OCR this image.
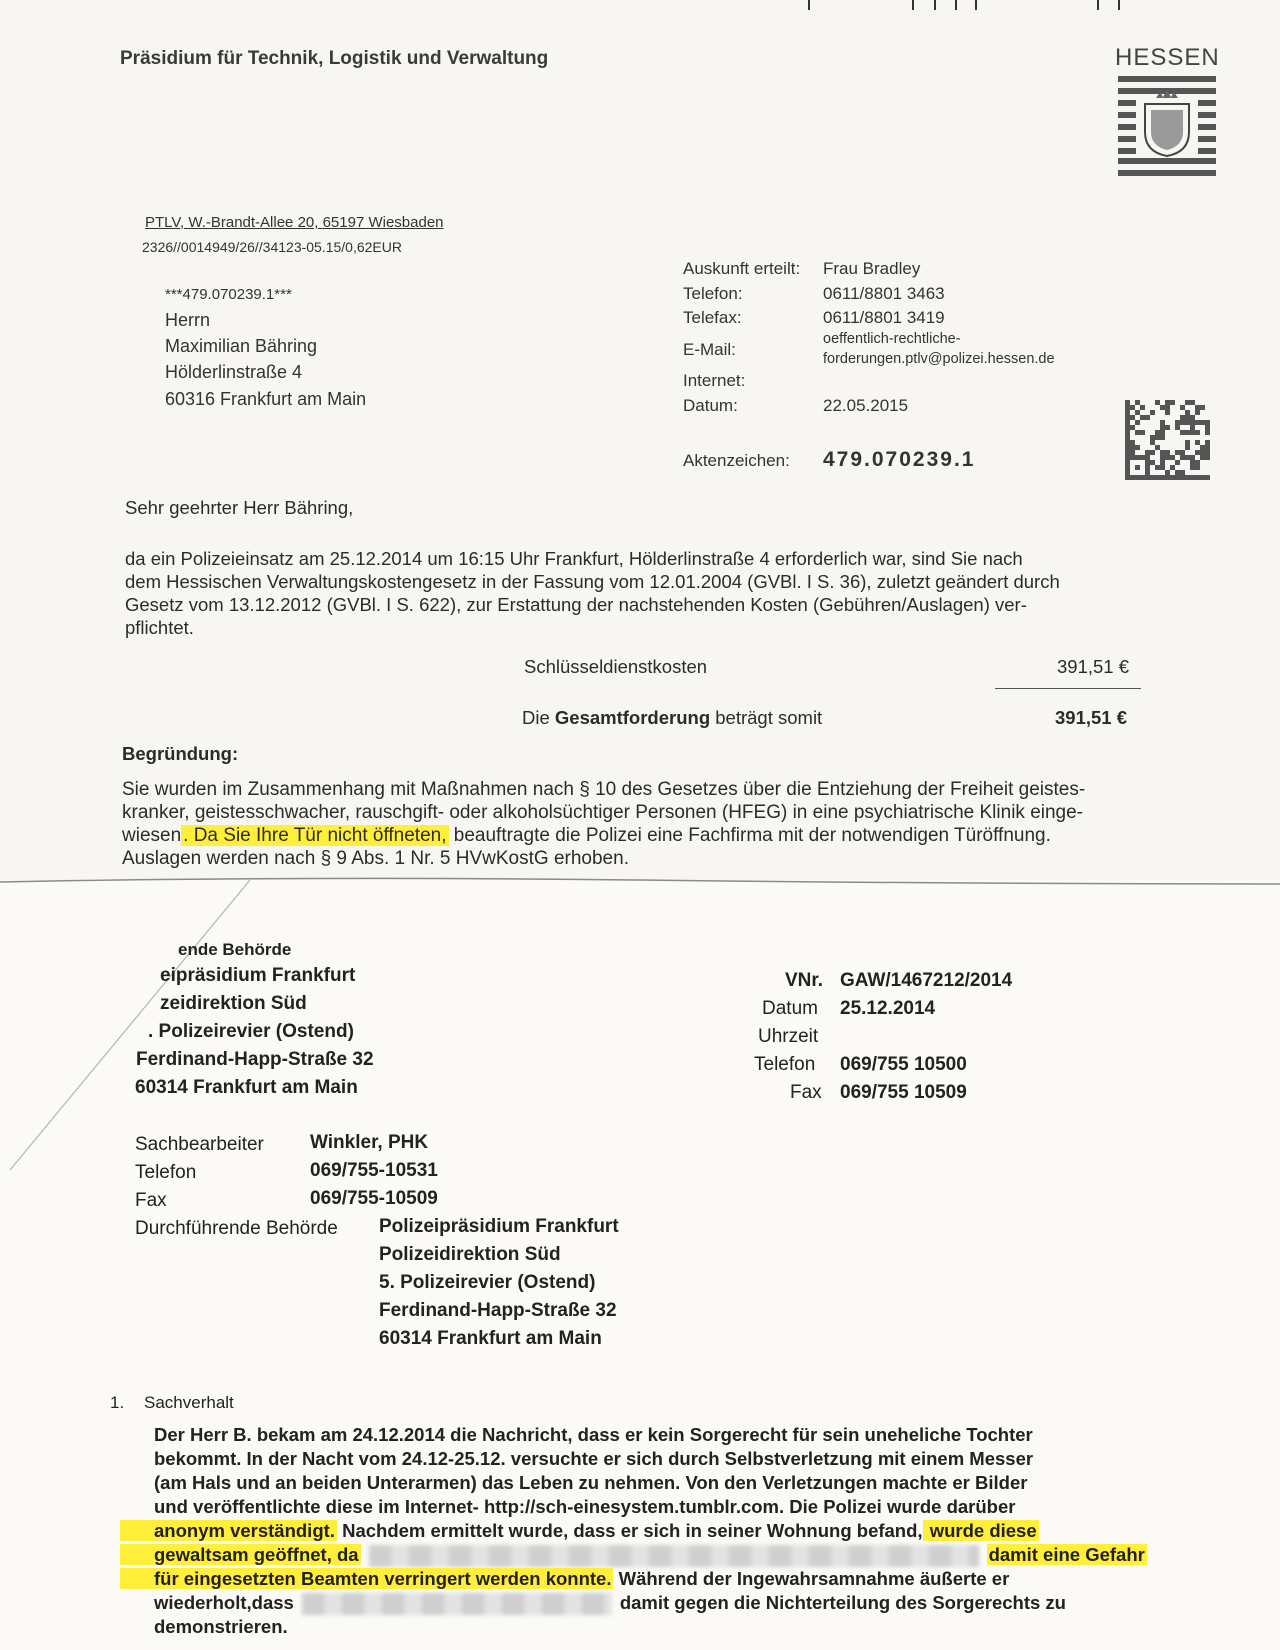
Präsidium für Technik, Logistik und Verwaltung	HESSEN
PTLV, W.-Brandt-Allee 20, 65197 Wiesbaden
2326//0014949/26//34123-05.15/0,62EUR
***479.070239.1***
Herrn
Maximilian Bähring
Hölderlinstraße 4
60316 Frankfurt am Main
Auskunft erteilt: Frau Bradley
Telefon:	0611/8801 3463
Telefax:	0611/8801 3419
E-Mail:
oeffentlich-rechtliche-
forderungen.ptlv@polizei.hessen.de
Internet:
Datum:	22.05.2015
Aktenzeichen: 479.070239.1
Sehr geehrter Herr Bähring,
da ein Polizeieinsatz am 25.12.2014 um 16:15 Uhr Frankfurt, Hölderlinstraße 4 erforderlich war, sind Sie nach
dem Hessischen Verwaltungskostengesetz in der Fassung vom 12.01.2004 (GVBl. I S. 36), zuletzt geändert durch
Gesetz vom 13.12.2012 (GVBl. I S. 622), zur Erstattung der nachstehenden Kosten (Gebühren/Auslagen) ver-
pflichtet.
Schlüsseldienstkosten	391,51 €
Die Gesamtforderung beträgt somit	391,51 €
Begründung:
Sie wurden im Zusammenhang mit Maßnahmen nach § 10 des Gesetzes über die Entziehung der Freiheit geistes-
kranker, geistesschwacher, rauschgift- oder alkoholsüchtiger Personen (HFEG) in eine psychiatrische Klinik einge-
wiesen . Da Sie Ihre Tür nicht öffneten, beauftragte die Polizei eine Fachfirma mit der notwendigen Türöffnung.
Auslagen werden nach § 9 Abs. 1 Nr. 5 HVwKostG erhoben.
ende Behörde
eipräsidium Frankfurt
zeidirektion Süd
. Polizeirevier (Ostend)
Ferdinand-Happ-Straße 32
60314 Frankfurt am Main
VNr. GAW/1467212/2014
Datum 25.12.2014
Uhrzeit
Telefon 069/755 10500
Fax 069/755 10509
Sachbearbeiter Winkler, PHK
Telefon	069/755-10531
Fax	069/755-10509
Durchführende Behörde Polizeipräsidium Frankfurt
Polizeidirektion Süd
5. Polizeirevier (Ostend)
Ferdinand-Happ-Straße 32
60314 Frankfurt am Main
1. Sachverhalt
Der Herr B. bekam am 24.12.2014 die Nachricht, dass er kein Sorgerecht für sein uneheliche Tochter
bekommt. In der Nacht vom 24.12-25.12. versuchte er sich durch Selbstverletzung mit einem Messer
(am Hals und an beiden Unterarmen) das Leben zu nehmen. Von den Verletzungen machte er Bilder
und veröffentlichte diese im Internet- http://sch-einesystem.tumblr.com. Die Polizei wurde darüber
anonym verständigt. Nachdem ermittelt wurde, dass er sich in seiner Wohnung befand, wurde diese
gewaltsam geöffnet, da	damit eine Gefahr
für eingesetzten Beamten verringert werden konnte. Während der Ingewahrsamnahme äußerte er
wiederholt,dass	damit gegen die Nichterteilung des Sorgerechts zu
demonstrieren.
